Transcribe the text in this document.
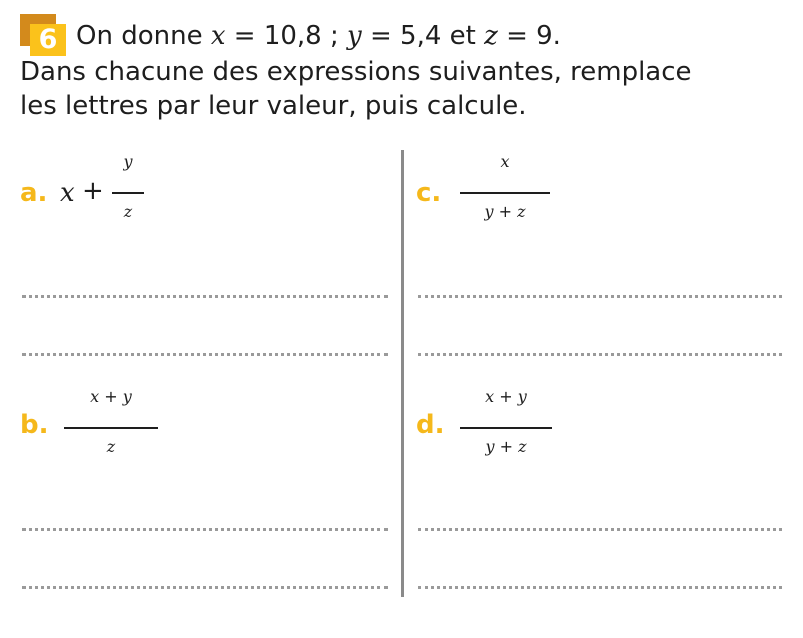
6 On donne x = 10,8 ; y = 5,4 et z = 9.
Dans chacune des expressions suivantes, remplace
les lettres par leur valeur, puis calcule.
a. x +
y
z
c.
x
y + z
b.
x + y
z
d.
x + y
y + z
